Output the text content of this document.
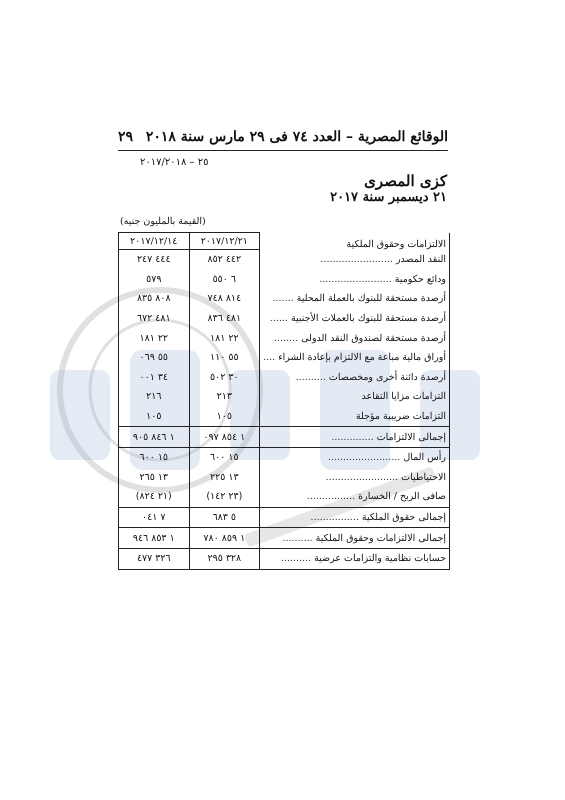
الوقائع المصرية – العدد ٧٤ فى ٢٩ مارس سنة ٢٠١٨
٢٩
٢٥ – ٢٠١٧/٢٠١٨
كزى المصرى
٢١ ديسمبر سنة ٢٠١٧
(القيمة بالمليون جنيه)
الالتزامات وحقوق الملكية	٢٠١٧/١٢/٢١	٢٠١٧/١٢/١٤
النقد المصدر ........................	٤٤٢ ٨٥٢	٤٤٤ ٢٤٧
ودائع حكومية ........................	٦ ٥٥٠	٥٧٩
أرصدة مستحقة للبنوك بالعملة المحلية .......	٨١٤ ٧٤٨	٨٠٨ ٨٣٥
أرصدة مستحقة للبنوك بالعملات الأجنبية ......	٤٨١ ٨٣٦	٤٨١ ٦٧٢
أرصدة مستحقة لصندوق النقد الدولى ........	٢٢ ١٨١	٢٢ ١٨١
أوراق مالية مباعة مع الالتزام بإعادة الشراء ....	٥٥ ١١٠	٥٥ ٠٦٩
أرصدة دائنة أخرى ومخصصات ..........	٣٠ ٥٠٢	٣٤ ٠٠١
التزامات مزايا التقاعد	٢١٣	٢١٦
التزامات ضريبية مؤجلة	١٠٥	١٠٥
إجمالى الالتزامات ..............	١ ٨٥٤ ٠٩٧	١ ٨٤٦ ٩٠٥
رأس المال ........................	١٥ ٦٠٠	١٥ ٦٠٠
الاحتياطيات ........................	١٣ ٢٢٥	١٣ ٢٦٥
صافى الربح / الخسارة ................	(٢٣ ١٤٢)	(٢١ ٨٢٤)
إجمالى حقوق الملكية ................	٥ ٦٨٣	٧ ٠٤١
إجمالى الالتزامات وحقوق الملكية ..........	١ ٨٥٩ ٧٨٠	١ ٨٥٣ ٩٤٦
حسابات نظامية والتزامات عرضية ..........	٣٢٨ ٢٩٥	٣٢٦ ٤٧٧
